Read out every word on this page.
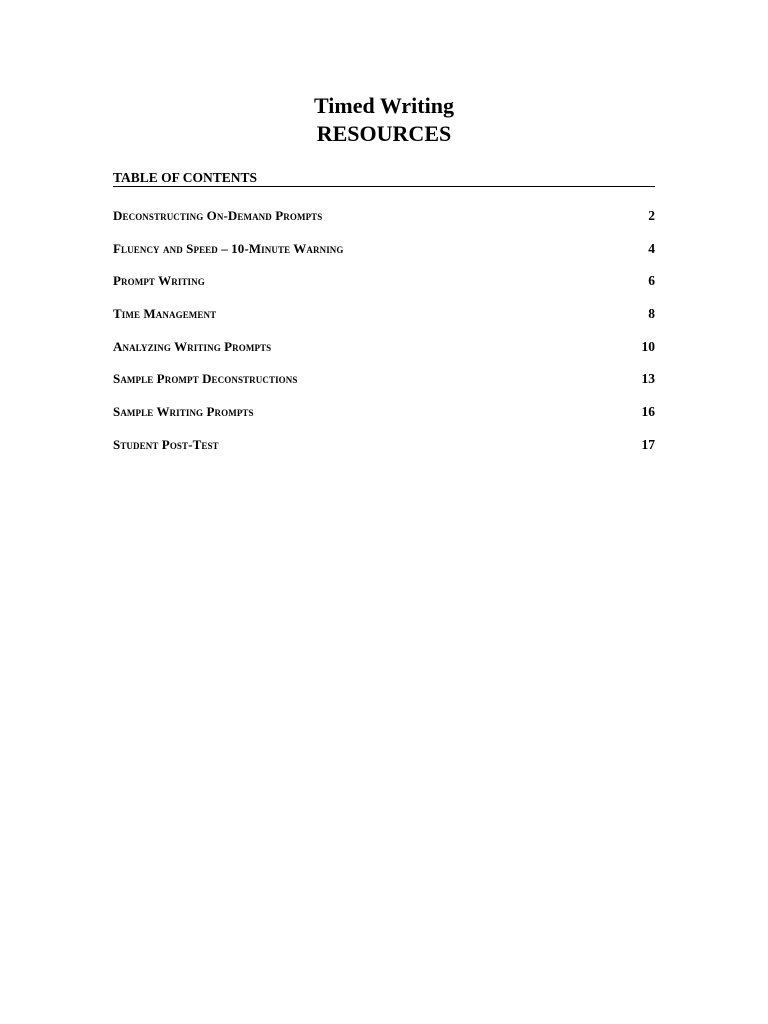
Timed Writing
RESOURCES
TABLE OF CONTENTS
Deconstructing On-Demand Prompts	2
Fluency and Speed – 10-Minute Warning	4
Prompt Writing	6
Time Management	8
Analyzing Writing Prompts	10
Sample Prompt Deconstructions	13
Sample Writing Prompts	16
Student Post-Test	17
